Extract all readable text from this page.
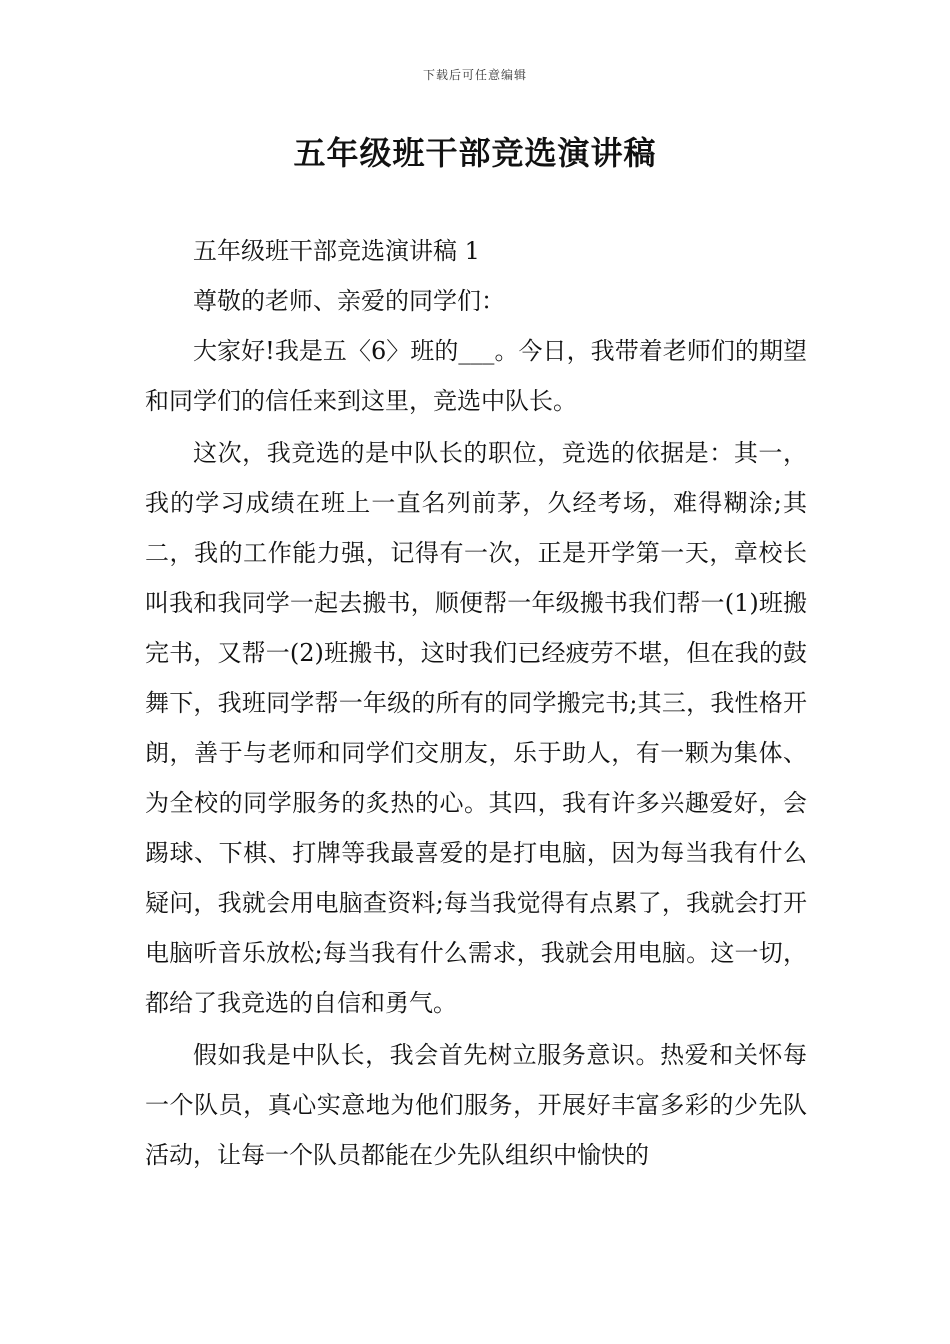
下载后可任意编辑
五年级班干部竞选演讲稿

五年级班干部竞选演讲稿 1

尊敬的老师、亲爱的同学们：

大家好!我是五〈6〉班的___。今日，我带着老师们的期望和同学们的信任来到这里，竞选中队长。

这次，我竞选的是中队长的职位，竞选的依据是：其一，我的学习成绩在班上一直名列前茅，久经考场，难得糊涂;其二，我的工作能力强，记得有一次，正是开学第一天，章校长叫我和我同学一起去搬书，顺便帮一年级搬书我们帮一(1)班搬完书，又帮一(2)班搬书，这时我们已经疲劳不堪，但在我的鼓舞下，我班同学帮一年级的所有的同学搬完书;其三，我性格开朗，善于与老师和同学们交朋友，乐于助人，有一颗为集体、为全校的同学服务的炙热的心。其四，我有许多兴趣爱好，会踢球、下棋、打牌等我最喜爱的是打电脑，因为每当我有什么疑问，我就会用电脑查资料;每当我觉得有点累了，我就会打开电脑听音乐放松;每当我有什么需求，我就会用电脑。这一切，都给了我竞选的自信和勇气。

假如我是中队长，我会首先树立服务意识。热爱和关怀每一个队员，真心实意地为他们服务，开展好丰富多彩的少先队活动，让每一个队员都能在少先队组织中愉快的
